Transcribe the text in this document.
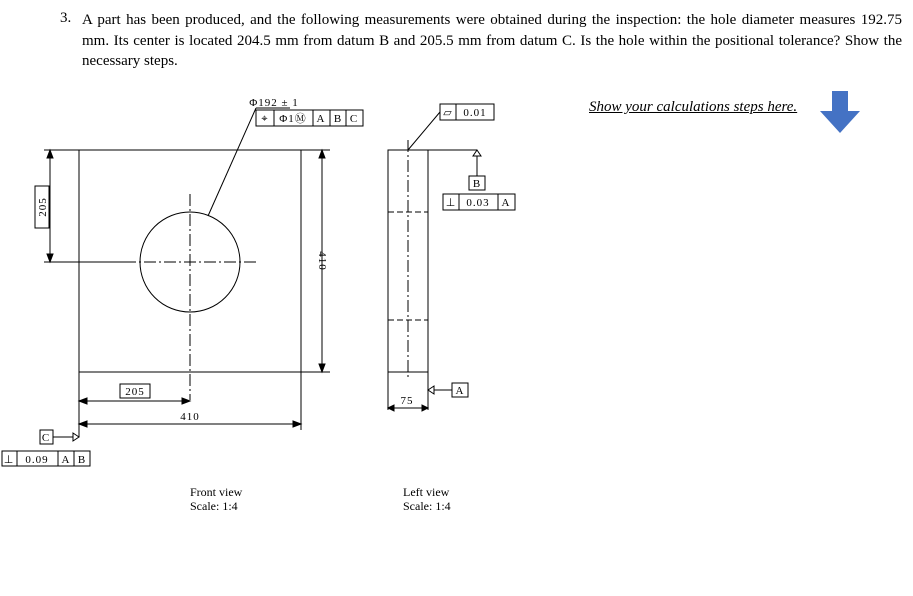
3. A part has been produced, and the following measurements were obtained during the inspection: the hole diameter measures 192.75 mm. Its center is located 204.5 mm from datum B and 205.5 mm from datum C. Is the hole within the positional tolerance? Show the necessary steps.
Show your calculations steps here.
205
410
205
410
Φ192 ± 1
⌖ Φ1Ⓜ A B C
C
⊥ 0.09 A B
Front view
Scale: 1:4
▱ 0.01
B
⊥ 0.03 A
75
A
Left view
Scale: 1:4
